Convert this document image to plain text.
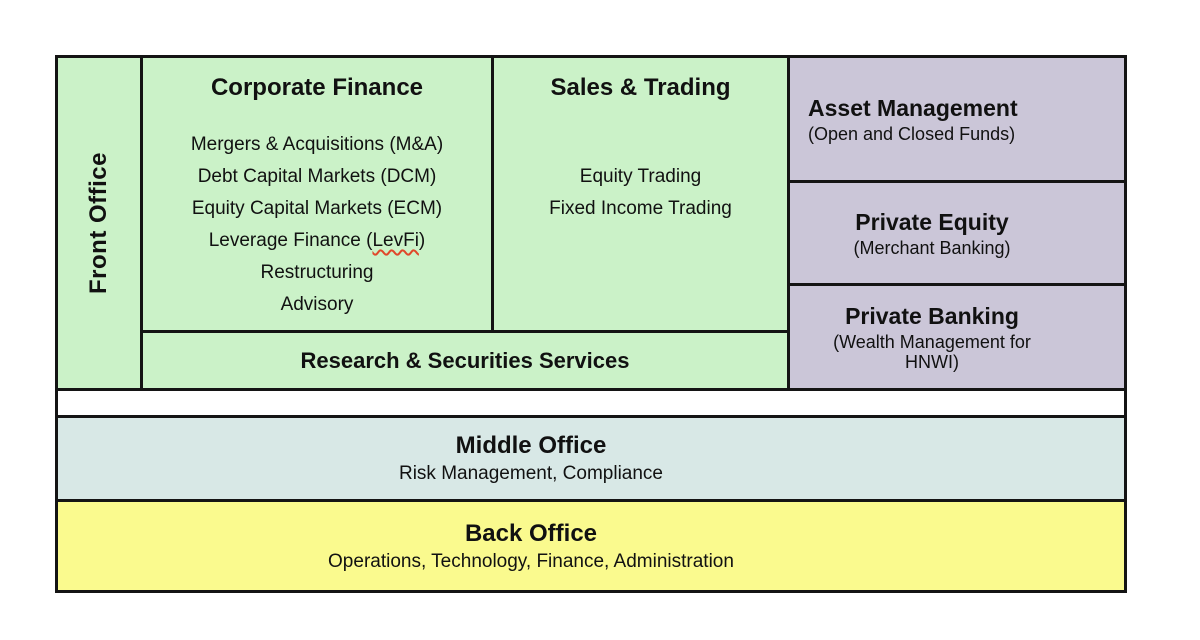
Front Office
Corporate Finance
Mergers & Acquisitions (M&A)
Debt Capital Markets (DCM)
Equity Capital Markets (ECM)
Leverage Finance (LevFi)
Restructuring
Advisory
Sales & Trading
Equity Trading
Fixed Income Trading
Research & Securities Services
Asset Management
(Open and Closed Funds)
Private Equity
(Merchant Banking)
Private Banking
(Wealth Management for HNWI)
Middle Office
Risk Management, Compliance
Back Office
Operations, Technology, Finance, Administration
